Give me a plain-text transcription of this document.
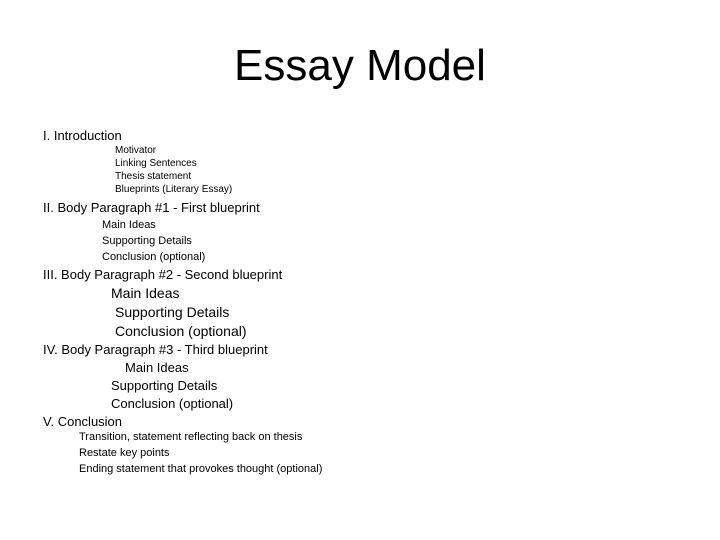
Essay Model
I. Introduction
Motivator
Linking Sentences
Thesis statement
Blueprints (Literary Essay)
II. Body Paragraph #1 - First blueprint
Main Ideas
Supporting Details
Conclusion (optional)
III. Body Paragraph #2 - Second blueprint
Main Ideas
Supporting Details
Conclusion (optional)
IV. Body Paragraph #3 - Third blueprint
Main Ideas
Supporting Details
Conclusion (optional)
V. Conclusion
Transition, statement reflecting back on thesis
Restate key points
Ending statement that provokes thought (optional)
